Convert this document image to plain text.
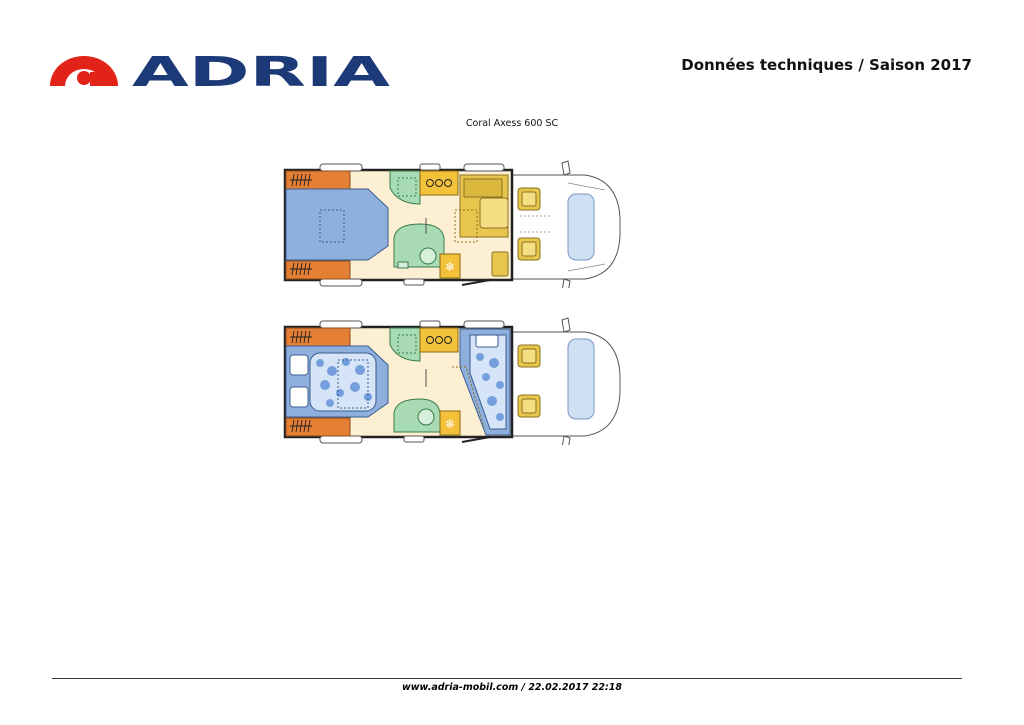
ADRIA	Données techniques / Saison 2017
Coral Axess 600 SC
❄
❄
www.adria-mobil.com / 22.02.2017 22:18
